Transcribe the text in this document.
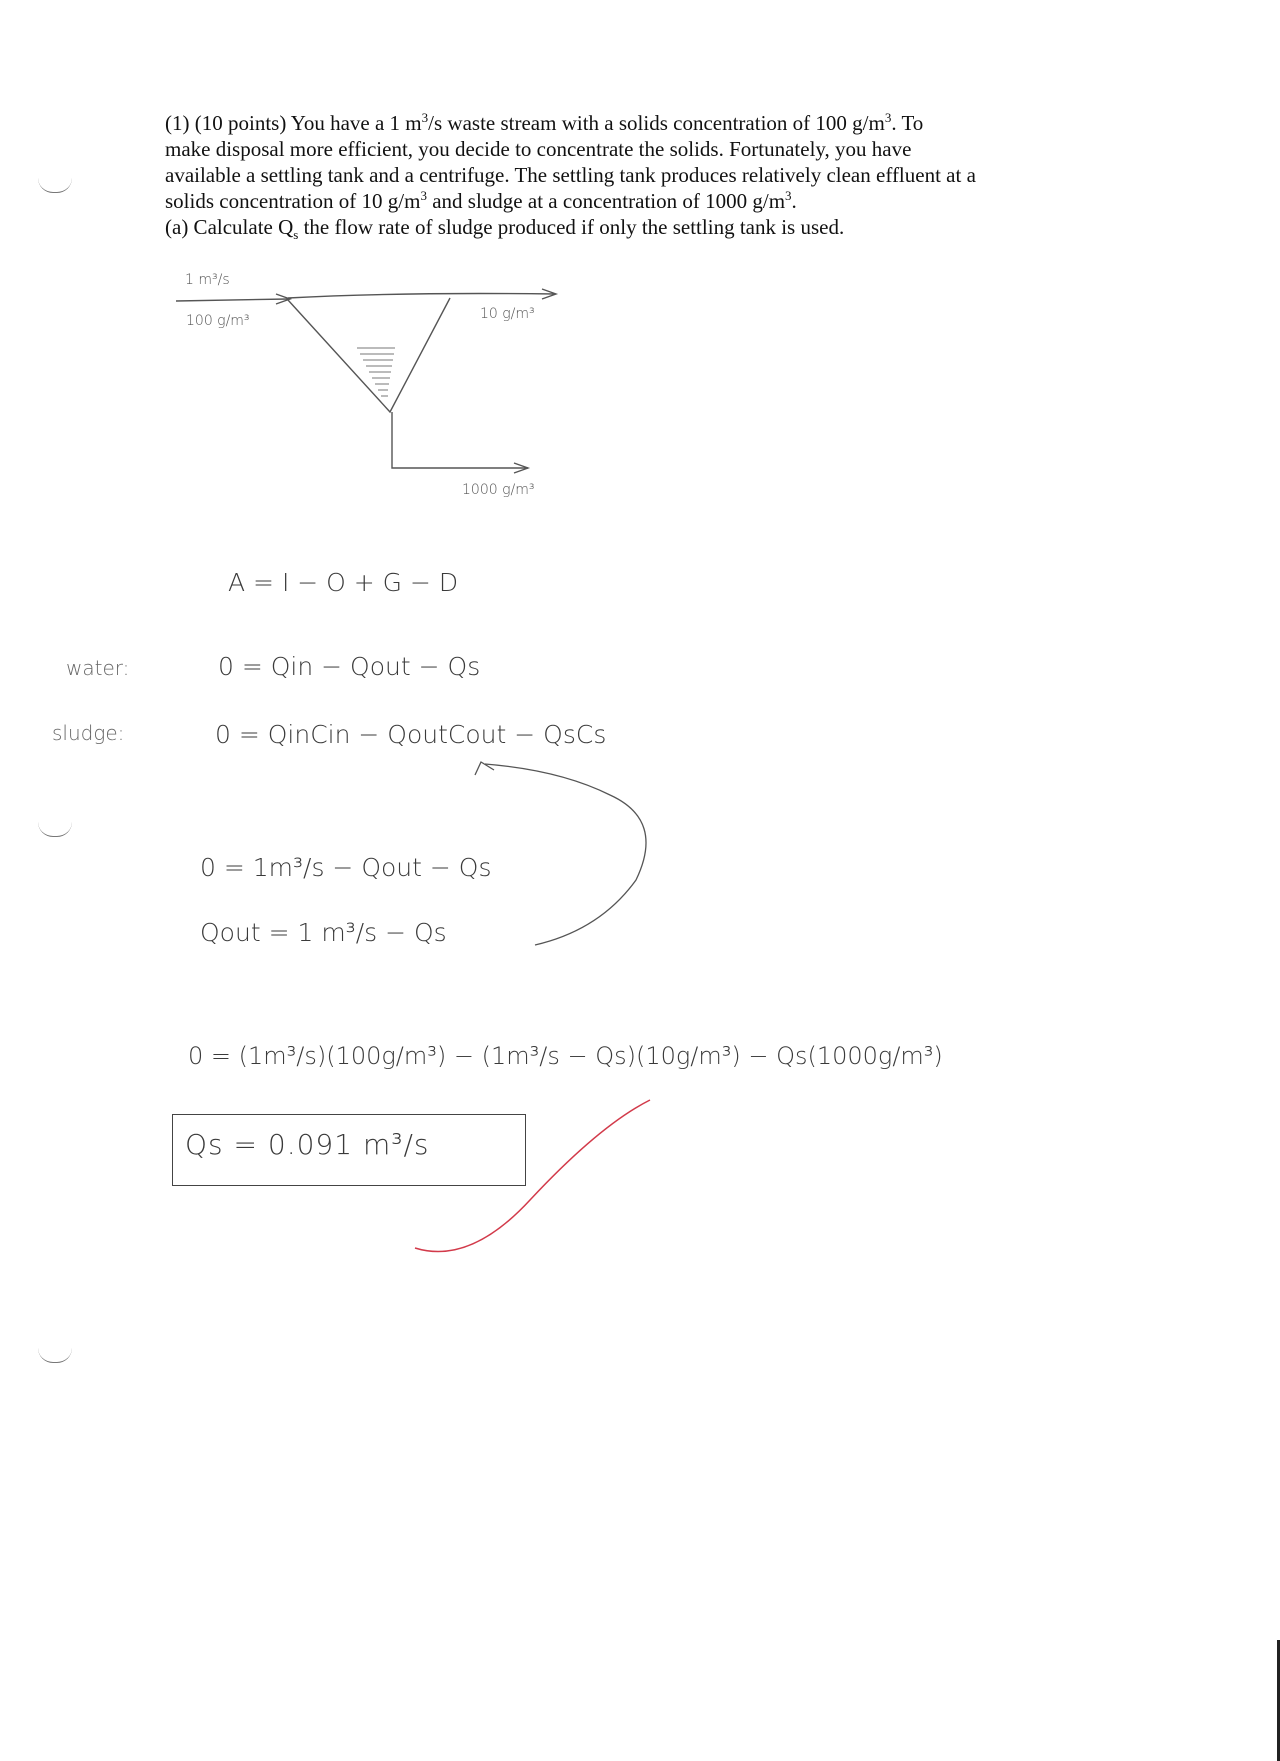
(1) (10 points) You have a 1 $m^3/s$ waste stream with a solids concentration of 100 $g/m^3$. To

make disposal more efficient, you decide to concentrate the solids. Fortunately, you have

available a settling tank and a centrifuge. The settling tank produces relatively clean effluent at a

solids concentration of 10 $g/m^3$ and sludge at a concentration of 1000 $g/m^3$.

(a) Calculate $Q_s$ the flow rate of sludge produced if only the settling tank is used.

1 m³/s
100 g/m³	10 g/m³
1000 g/m³
A = I − O + G − D
water:	0 = Qin − Qout − Qs
sludge:	0 = QinCin − QoutCout − QsCs
0 = 1m³/s − Qout − Qs
Qout = 1 m³/s − Qs
0 = (1m³/s)(100g/m³) − (1m³/s − Qs)(10g/m³) − Qs(1000g/m³)
Qs = 0.091 m³/s
